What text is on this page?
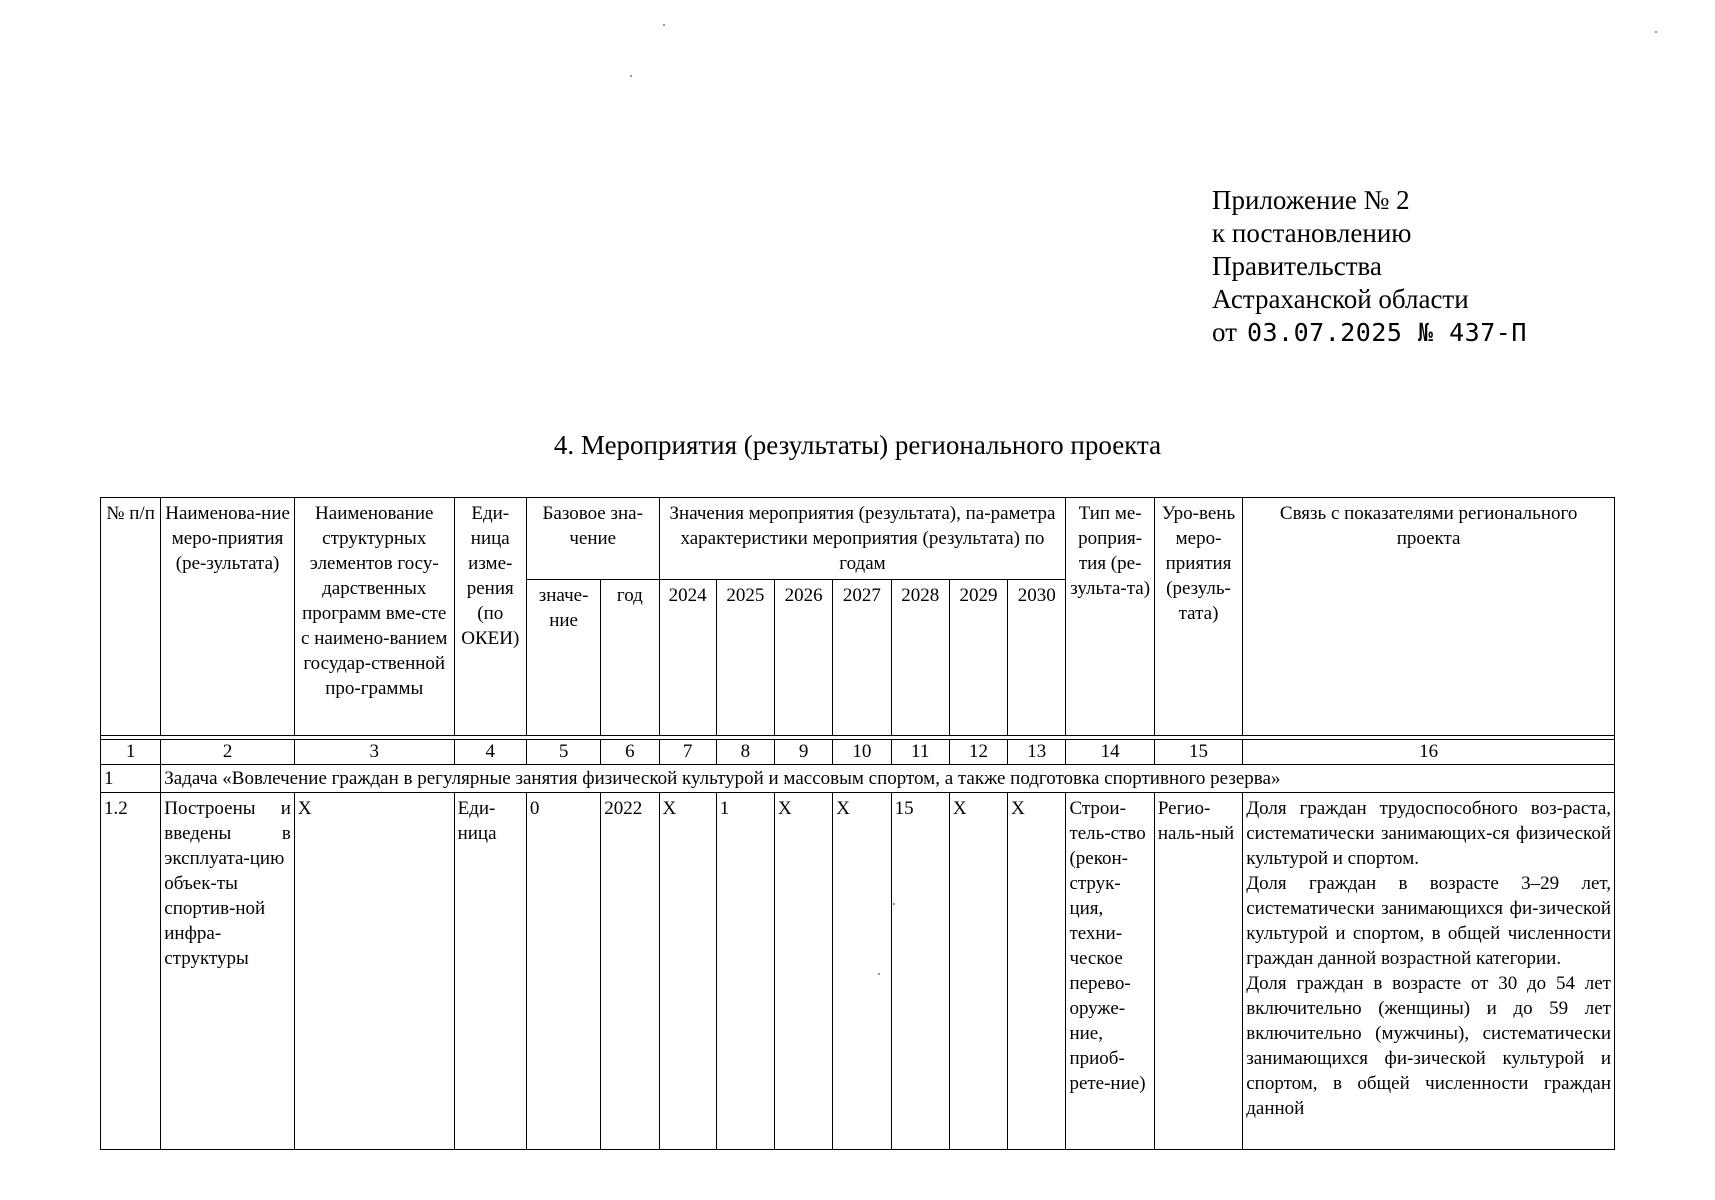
Приложение № 2
к постановлению
Правительства
Астраханской области
от 03.07.2025 № 437-П
4. Мероприятия (результаты) регионального проекта
№ п/п	Наименова-ние меро-приятия (ре-зультата)	Наименование структурных элементов госу-дарственных программ вме-сте с наимено-ванием государ-ственной про-граммы	Еди-ница изме-рения (по ОКЕИ)	Базовое зна-чение		Значения мероприятия (результата), па-раметра характеристики мероприятия (результата) по годам							Тип ме-роприя-тия (ре-зульта-та)	Уро-вень меро-приятия (резуль-тата)	Связь с показателями регионального проекта
				значе-ние	год	2024	2025	2026	2027	2028	2029	2030			

1	2	3	4	5	6	7	8	9	10	11	12	13	14	15	16
1	Задача «Вовлечение граждан в регулярные занятия физической культурой и массовым спортом, а также подготовка спортивного резерва»														
1.2	Построены и введены в эксплуата-цию объек-ты спортив-ной инфра-структуры	Х	Еди-ница	0	2022	Х	1	Х	Х	15	Х	Х	Строи-тель-ство (рекон-струк-ция, техни-ческое перево-оруже-ние, приоб-рете-ние)	Регио-наль-ный	Доля граждан трудоспособного воз-раста, систематически занимающих-ся физической культурой и спортом.
Доля граждан в возрасте 3–29 лет, систематически занимающихся фи-зической культурой и спортом, в общей численности граждан данной возрастной категории.
Доля граждан в возрасте от 30 до 54 лет включительно (женщины) и до 59 лет включительно (мужчины), систематически занимающихся фи-зической культурой и спортом, в общей численности граждан данной
